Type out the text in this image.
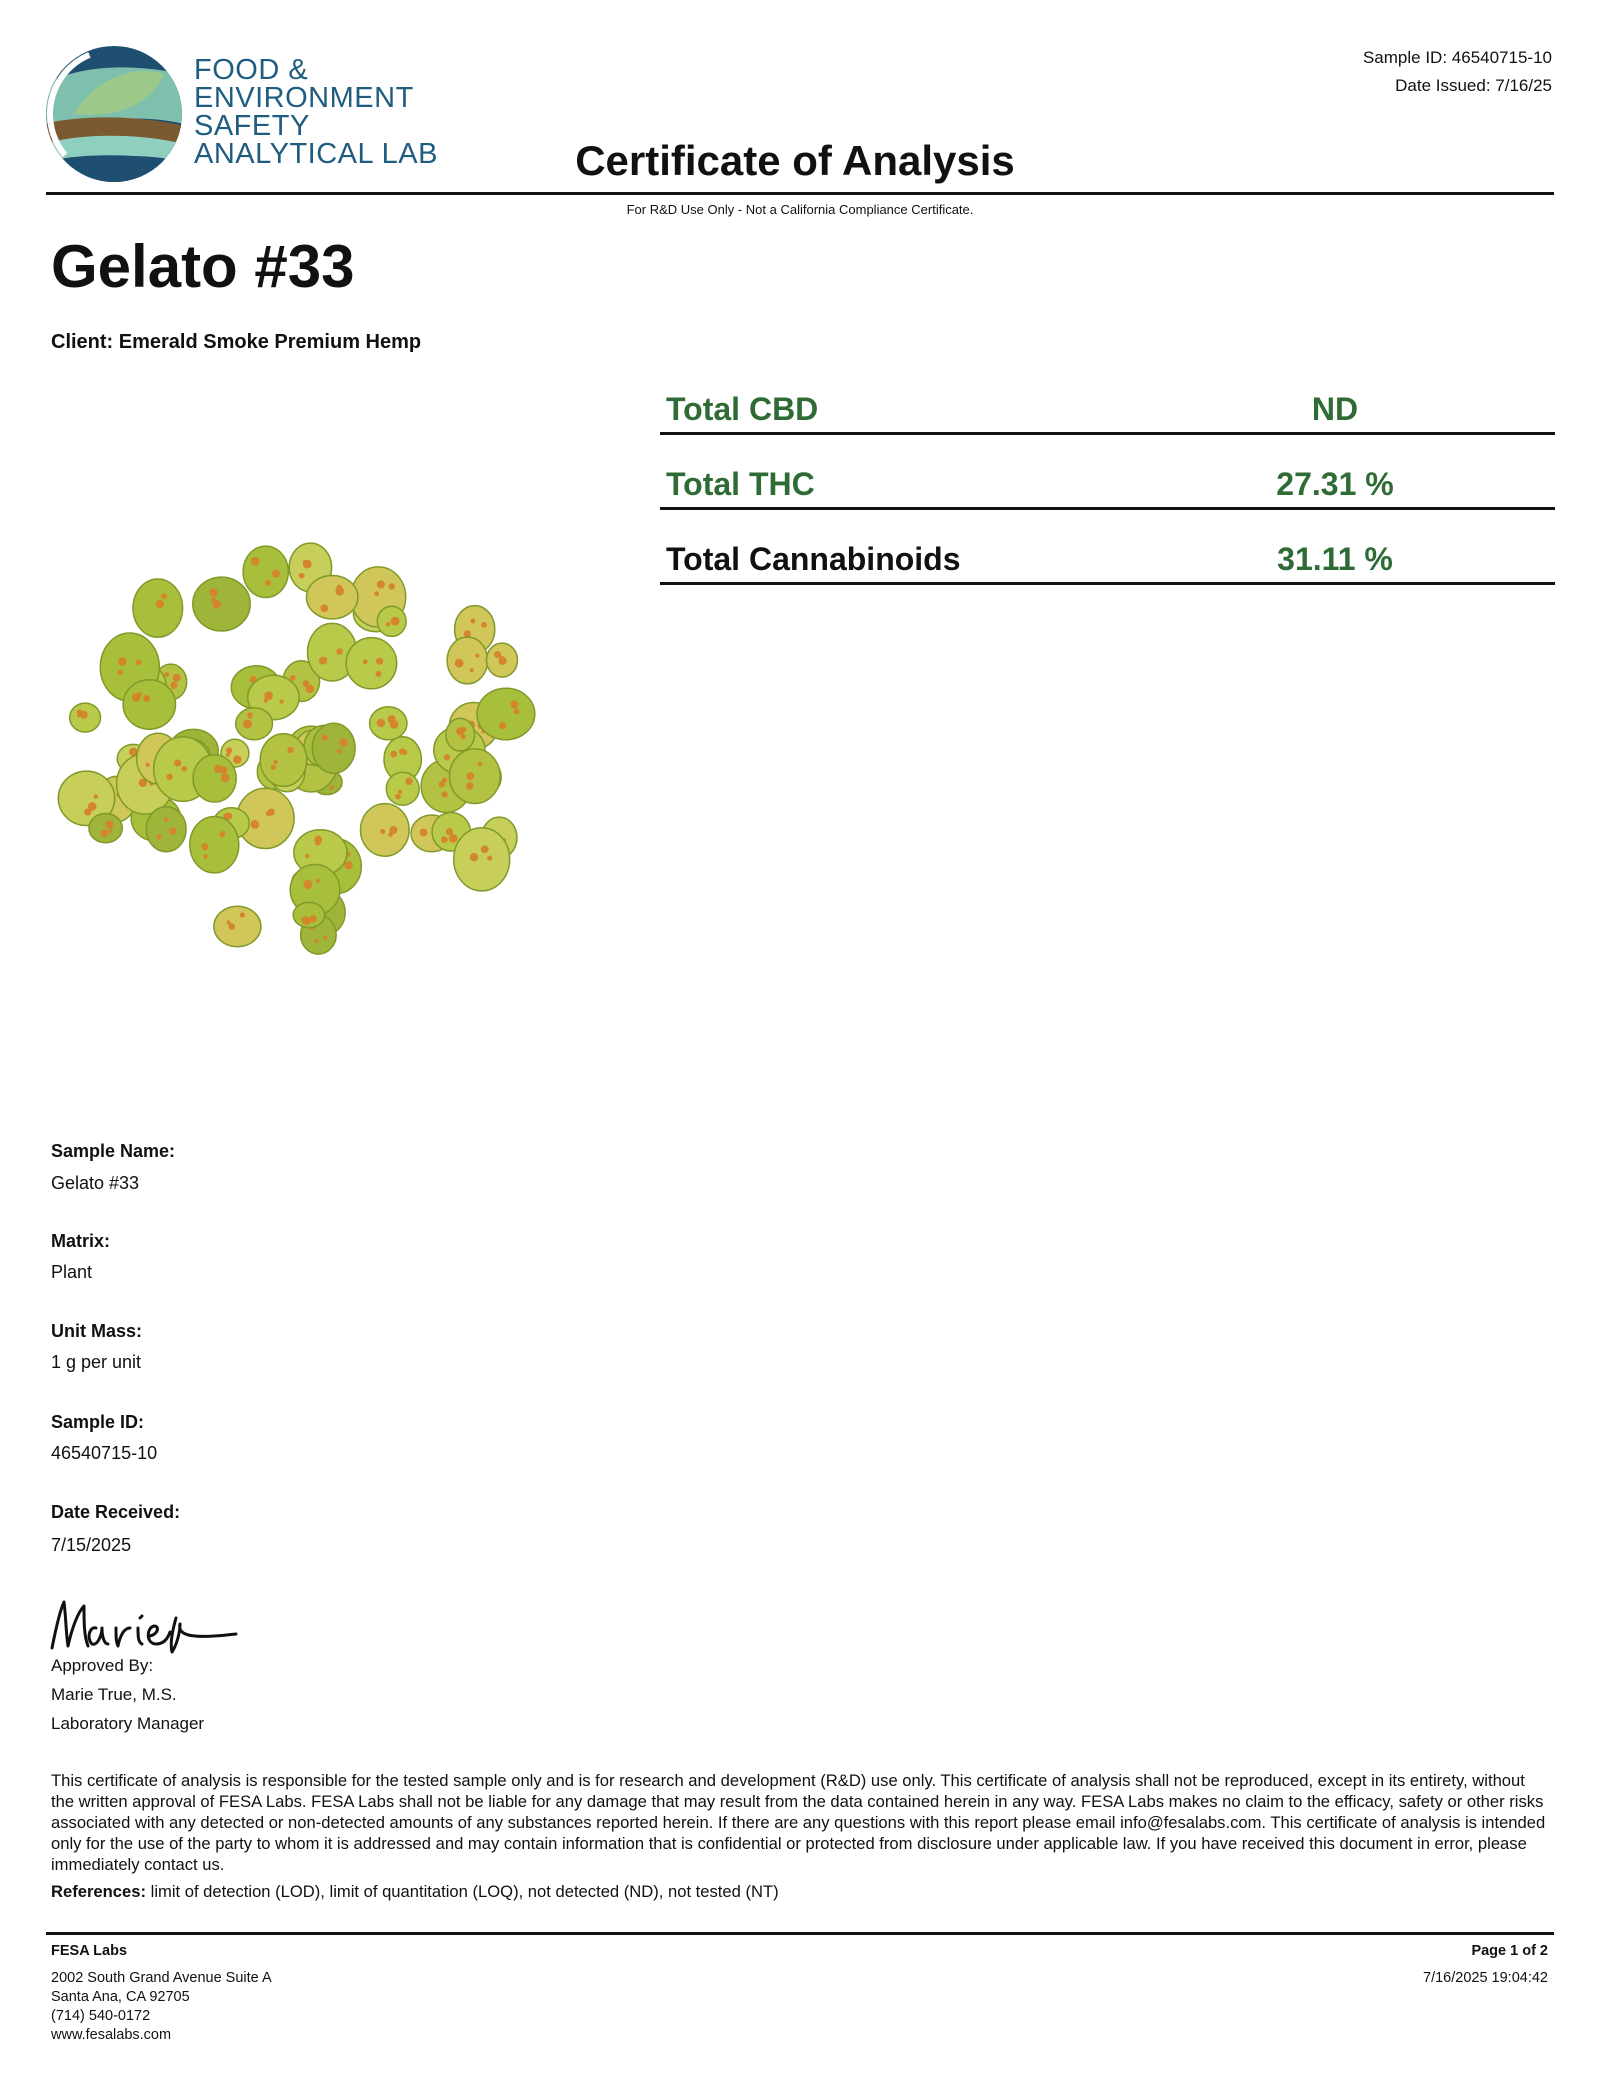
FOOD &
ENVIRONMENT
SAFETY
ANALYTICAL LAB
Sample ID: 46540715-10
Date Issued: 7/16/25
Certificate of Analysis
For R&D Use Only - Not a California Compliance Certificate.
Gelato #33
Client: Emerald Smoke Premium Hemp
Total CBD	ND
Total THC	27.31 %
Total Cannabinoids	31.11 %
Sample Name:
Gelato #33
Matrix:
Plant
Unit Mass:
1 g per unit
Sample ID:
46540715-10
Date Received:
7/15/2025
Approved By:
Marie True, M.S.
Laboratory Manager
This certificate of analysis is responsible for the tested sample only and is for research and development (R&D) use only. This certificate of analysis shall not be reproduced, except in its entirety, without the written approval of FESA Labs. FESA Labs shall not be liable for any damage that may result from the data contained herein in any way. FESA Labs makes no claim to the efficacy, safety or other risks associated with any detected or non-detected amounts of any substances reported herein. If there are any questions with this report please email info@fesalabs.com. This certificate of analysis is intended only for the use of the party to whom it is addressed and may contain information that is confidential or protected from disclosure under applicable law. If you have received this document in error, please immediately contact us.
References: limit of detection (LOD), limit of quantitation (LOQ), not detected (ND), not tested (NT)
FESA Labs
2002 South Grand Avenue Suite A
Santa Ana, CA 92705
(714) 540-0172
www.fesalabs.com
Page 1 of 2
7/16/2025 19:04:42
